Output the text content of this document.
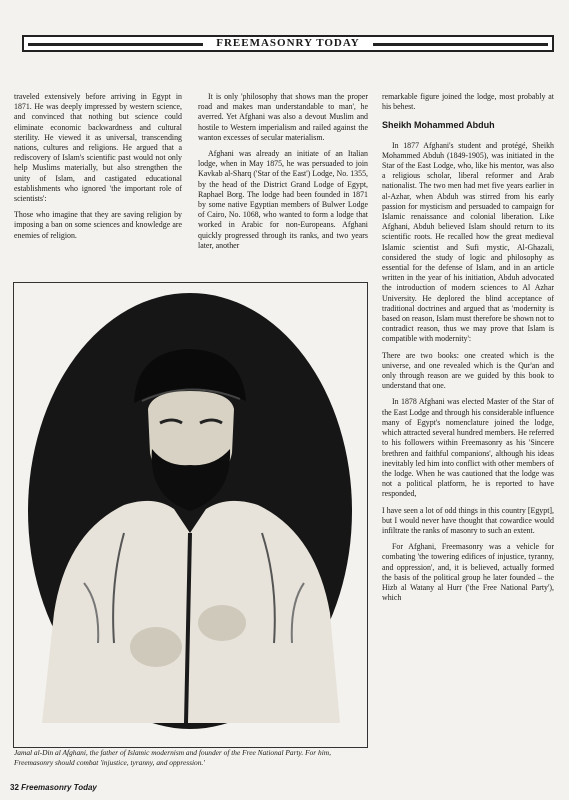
FREEMASONRY TODAY

traveled extensively before arriving in Egypt in 1871. He was deeply impressed by western science, and convinced that nothing but science could eliminate economic backwardness and cultural sterility. He viewed it as universal, transcending nations, cultures and religions. He argued that a rediscovery of Islam's scientific past would not only help Muslims materially, but also strengthen the unity of Islam, and castigated educational establishments who ignored 'the important role of scientists':

Those who imagine that they are saving religion by imposing a ban on some sciences and knowledge are enemies of religion.

It is only 'philosophy that shows man the proper road and makes man understandable to man', he averred. Yet Afghani was also a devout Muslim and hostile to Western imperialism and railed against the wanton excesses of secular materialism.

Afghani was already an initiate of an Italian lodge, when in May 1875, he was persuaded to join Kavkab al-Sharq ('Star of the East') Lodge, No. 1355, by the head of the District Grand Lodge of Egypt, Raphael Borg. The lodge had been founded in 1871 by some native Egyptian members of Bulwer Lodge of Cairo, No. 1068, who wanted to form a lodge that worked in Arabic for non-Europeans. Afghani quickly progressed through its ranks, and two years later, another

remarkable figure joined the lodge, most probably at his behest.

Sheikh Mohammed Abduh

In 1877 Afghani's student and protégé, Sheikh Mohammed Abduh (1849-1905), was initiated in the Star of the East Lodge, who, like his mentor, was also a religious scholar, liberal reformer and Arab nationalist. The two men had met five years earlier in al-Azhar, when Abduh was stirred from his early passion for mysticism and persuaded to campaign for Islamic renaissance and colonial liberation. Like Afghani, Abduh believed Islam should return to its scientific roots. He recalled how the great medieval Islamic scientist and Sufi mystic, Al-Ghazali, considered the study of logic and philosophy as essential for the defense of Islam, and in an article written in the year of his initiation, Abduh advocated the introduction of modern sciences to Al Azhar University. He deplored the blind acceptance of traditional doctrines and argued that as 'modernity is based on reason, Islam must therefore be shown not to contradict reason, thus we may prove that Islam is compatible with modernity':

There are two books: one created which is the universe, and one revealed which is the Qur'an and only through reason are we guided by this book to understand that one.

In 1878 Afghani was elected Master of the Star of the East Lodge and through his considerable influence many of Egypt's nomenclature joined the lodge, which attracted several hundred members. He referred to his followers within Freemasonry as his 'Sincere brethren and faithful companions', although his ideas inevitably led him into conflict with other members of the lodge. When he was cautioned that the lodge was not a political platform, he is reported to have responded,

I have seen a lot of odd things in this country [Egypt], but I would never have thought that cowardice would infiltrate the ranks of masonry to such an extent.

For Afghani, Freemasonry was a vehicle for combating 'the towering edifices of injustice, tyranny, and oppression', and, it is believed, actually formed the basis of the political group he later founded – the Hizb al Watany al Hurr ('the Free National Party'), which

Jamal al-Din al Afghani, the father of Islamic modernism and founder of the Free National Party. For him, Freemasonry should combat 'injustice, tyranny, and oppression.'
32 Freemasonry Today
